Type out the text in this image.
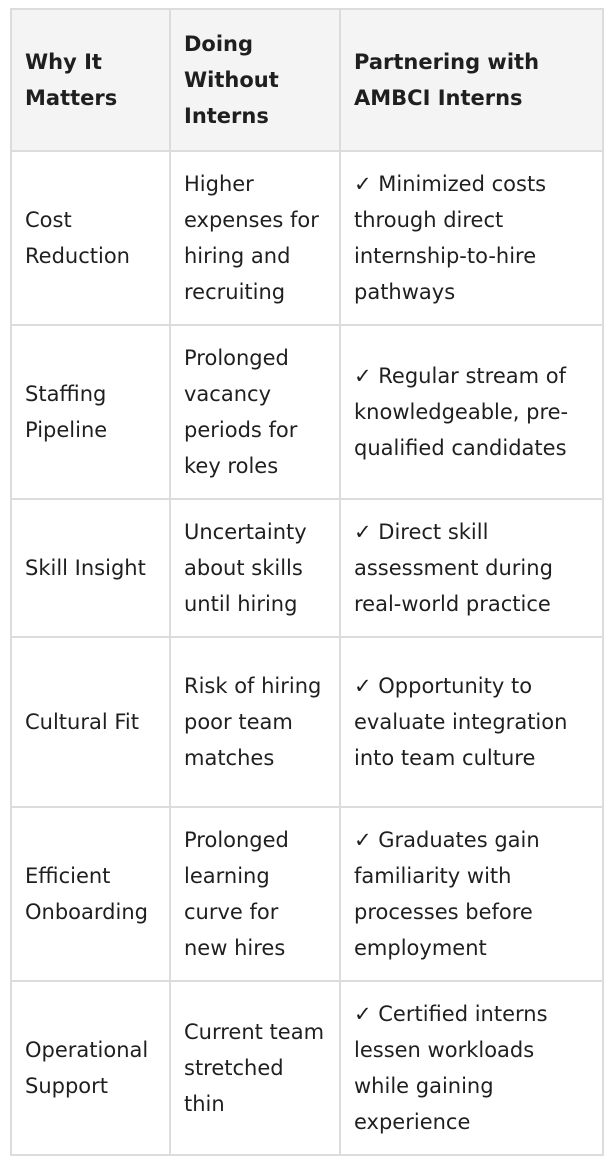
Why It Matters	Doing Without Interns	Partnering with AMBCI Interns
Cost Reduction	Higher expenses for hiring and recruiting	✓ Minimized costs through direct internship-to-hire pathways
Staffing Pipeline	Prolonged vacancy periods for key roles	✓ Regular stream of knowledgeable, pre-qualified candidates
Skill Insight	Uncertainty about skills until hiring	✓ Direct skill assessment during real-world practice
Cultural Fit	Risk of hiring poor team matches	✓ Opportunity to evaluate integration into team culture
Efficient Onboarding	Prolonged learning curve for new hires	✓ Graduates gain familiarity with processes before employment
Operational Support	Current team stretched thin	✓ Certified interns lessen workloads while gaining experience
